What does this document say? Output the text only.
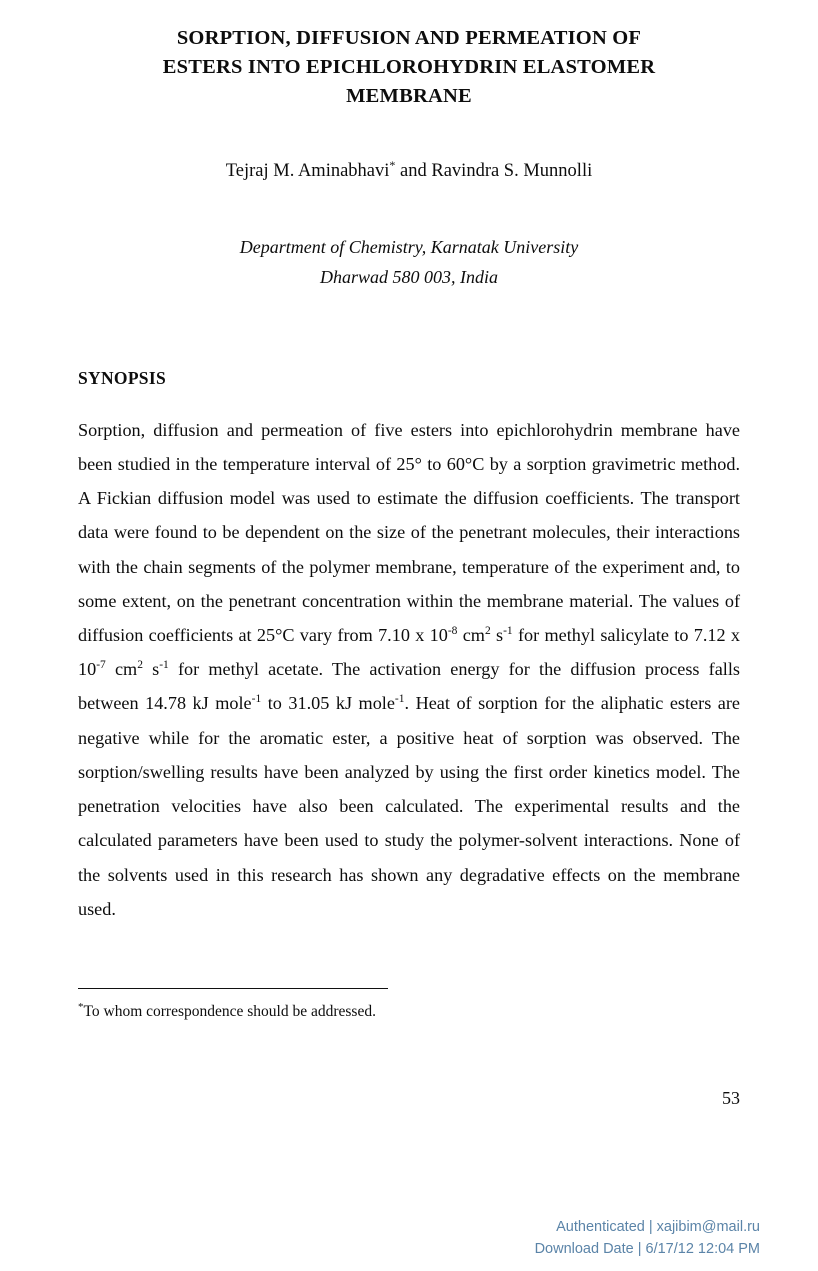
SORPTION, DIFFUSION AND PERMEATION OF
ESTERS INTO EPICHLOROHYDRIN ELASTOMER
MEMBRANE
Tejraj M. Aminabhavi* and Ravindra S. Munnolli
Department of Chemistry, Karnatak University
Dharwad 580 003, India
SYNOPSIS

Sorption, diffusion and permeation of five esters into epichlorohydrin membrane have been studied in the temperature interval of 25° to 60°C by a sorption gravimetric method. A Fickian diffusion model was used to estimate the diffusion coefficients. The transport data were found to be dependent on the size of the penetrant molecules, their interactions with the chain segments of the polymer membrane, temperature of the experiment and, to some extent, on the penetrant concentration within the membrane material. The values of diffusion coefficients at 25°C vary from 7.10 x $10^{-8}$ $cm^2$ $s^{-1}$ for methyl salicylate to 7.12 x $10^{-7}$ $cm^2$ $s^{-1}$ for methyl acetate. The activation energy for the diffusion process falls between 14.78 kJ mole$^{-1}$ to 31.05 kJ mole$^{-1}$. Heat of sorption for the aliphatic esters are negative while for the aromatic ester, a positive heat of sorption was observed. The sorption/swelling results have been analyzed by using the first order kinetics model. The penetration velocities have also been calculated. The experimental results and the calculated parameters have been used to study the polymer-solvent interactions. None of the solvents used in this research has shown any degradative effects on the membrane used.

*To whom correspondence should be addressed.
53
Authenticated | xajibim@mail.ru
Download Date | 6/17/12 12:04 PM
